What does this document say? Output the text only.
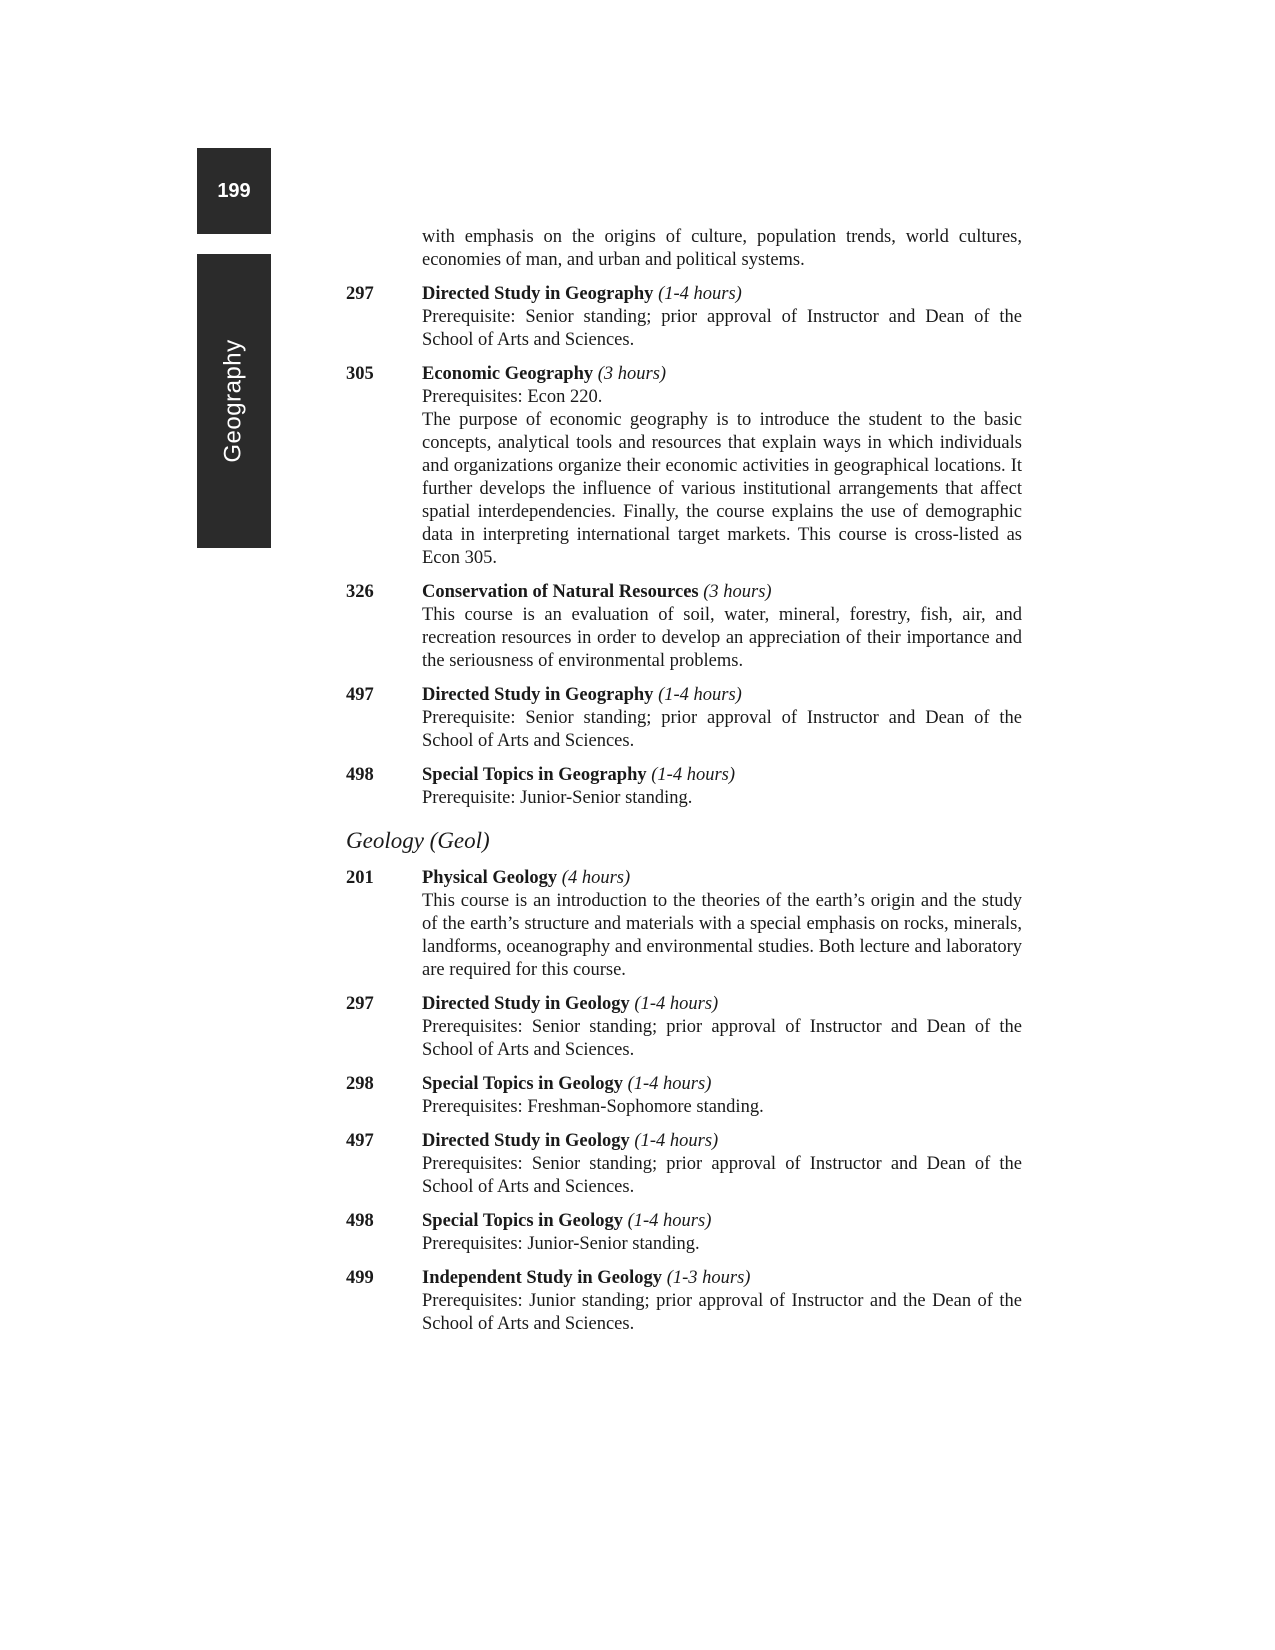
199
Geography
with emphasis on the origins of culture, population trends, world cultures, economies of man, and urban and political systems.
297	Directed Study in Geography (1-4 hours)
Prerequisite: Senior standing; prior approval of Instructor and Dean of the School of Arts and Sciences.
305	Economic Geography (3 hours)
Prerequisites: Econ 220.
The purpose of economic geography is to introduce the student to the basic concepts, analytical tools and resources that explain ways in which individuals and organizations organize their economic activities in geographical locations. It further develops the influence of various institutional arrangements that affect spatial interdependencies. Finally, the course explains the use of demographic data in interpreting international target markets. This course is cross-listed as Econ 305.
326	Conservation of Natural Resources (3 hours)
This course is an evaluation of soil, water, mineral, forestry, fish, air, and recreation resources in order to develop an appreciation of their importance and the seriousness of environmental problems.
497	Directed Study in Geography (1-4 hours)
Prerequisite: Senior standing; prior approval of Instructor and Dean of the School of Arts and Sciences.
498	Special Topics in Geography (1-4 hours)
Prerequisite: Junior-Senior standing.
Geology (Geol)
201	Physical Geology (4 hours)
This course is an introduction to the theories of the earth’s origin and the study of the earth’s structure and materials with a special emphasis on rocks, minerals, landforms, oceanography and environmental studies. Both lecture and laboratory are required for this course.
297	Directed Study in Geology (1-4 hours)
Prerequisites: Senior standing; prior approval of Instructor and Dean of the School of Arts and Sciences.
298	Special Topics in Geology (1-4 hours)
Prerequisites: Freshman-Sophomore standing.
497	Directed Study in Geology (1-4 hours)
Prerequisites: Senior standing; prior approval of Instructor and Dean of the School of Arts and Sciences.
498	Special Topics in Geology (1-4 hours)
Prerequisites: Junior-Senior standing.
499	Independent Study in Geology (1-3 hours)
Prerequisites: Junior standing; prior approval of Instructor and the Dean of the School of Arts and Sciences.
